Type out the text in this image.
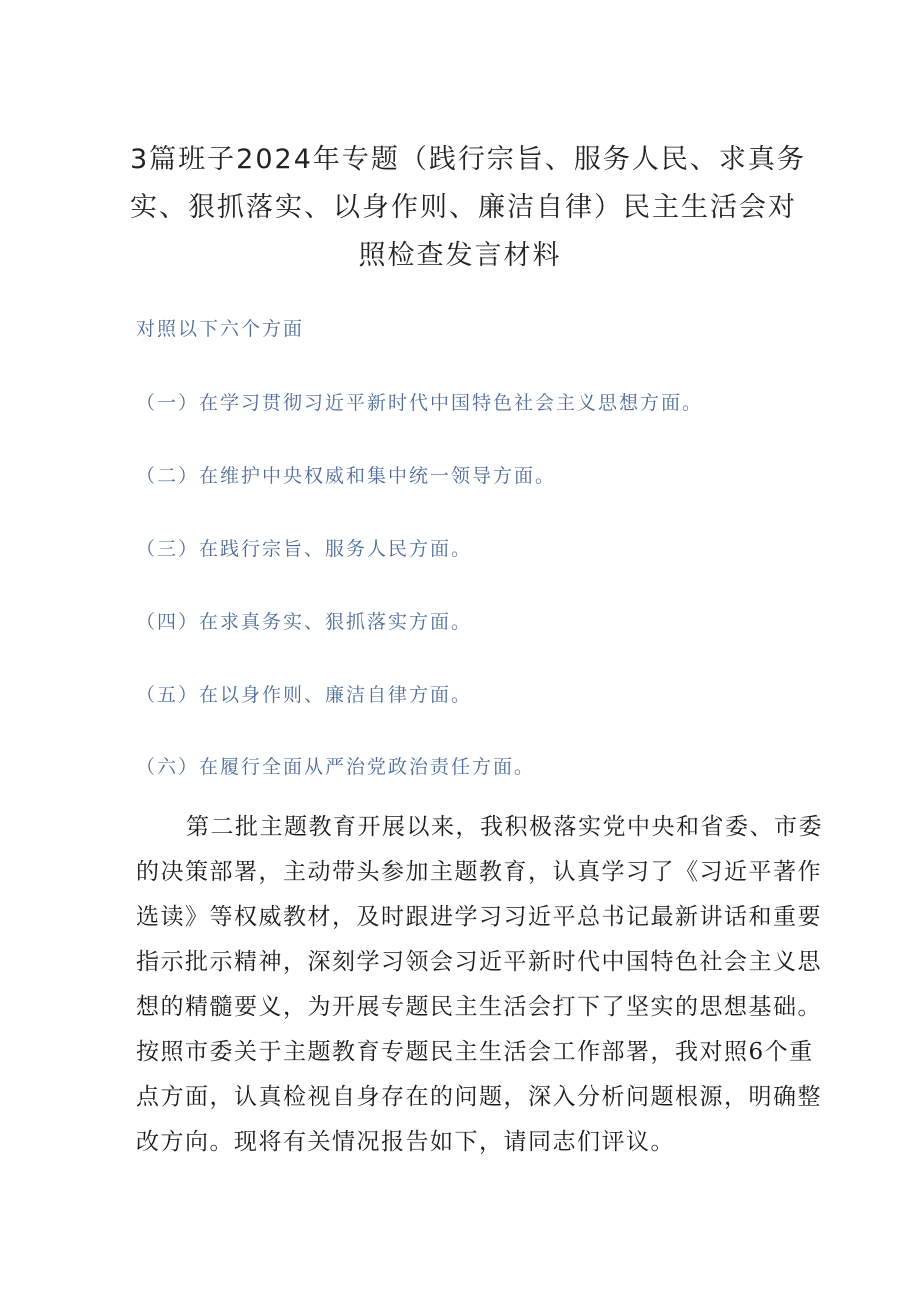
3篇班子2024年专题（践行宗旨、服务人民、求真务
实、狠抓落实、以身作则、廉洁自律）民主生活会对
照检查发言材料

对照以下六个方面

（一）在学习贯彻习近平新时代中国特色社会主义思想方面。

（二）在维护中央权威和集中统一领导方面。

（三）在践行宗旨、服务人民方面。

（四）在求真务实、狠抓落实方面。

（五）在以身作则、廉洁自律方面。

（六）在履行全面从严治党政治责任方面。

第二批主题教育开展以来，我积极落实党中央和省委、市委
的决策部署，主动带头参加主题教育，认真学习了《习近平著作
选读》等权威教材，及时跟进学习习近平总书记最新讲话和重要
指示批示精神，深刻学习领会习近平新时代中国特色社会主义思
想的精髓要义，为开展专题民主生活会打下了坚实的思想基础。
按照市委关于主题教育专题民主生活会工作部署，我对照6个重
点方面，认真检视自身存在的问题，深入分析问题根源，明确整
改方向。现将有关情况报告如下，请同志们评议。
